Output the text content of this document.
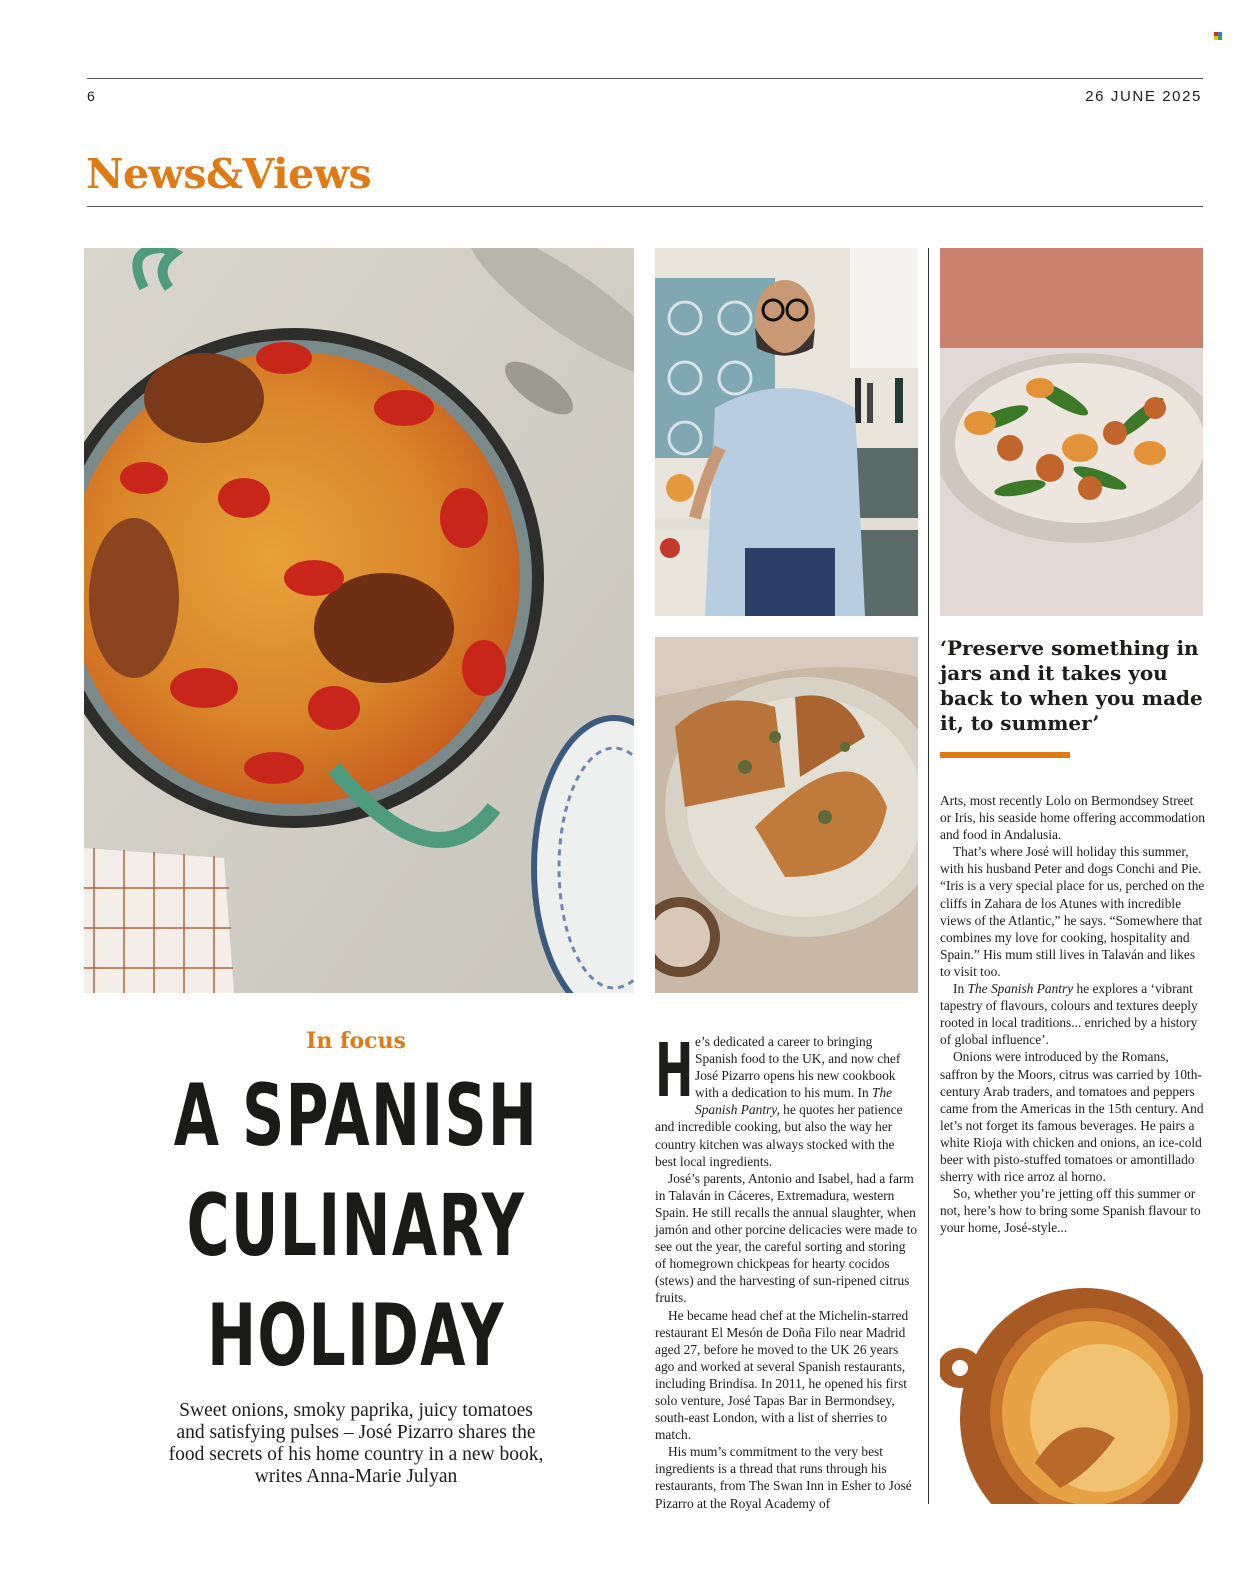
6	26 JUNE 2025
News&Views
In focus
A SPANISH
CULINARY
HOLIDAY
Sweet onions, smoky paprika, juicy tomatoes
and satisfying pulses – José Pizarro shares the
food secrets of his home country in a new book,
writes Anna-Marie Julyan

He’s dedicated a career to bringing Spanish food to the UK, and now chef José Pizarro opens his new cookbook with a dedication to his mum. In The Spanish Pantry, he quotes her patience and incredible cooking, but also the way her country kitchen was always stocked with the best local ingredients.

José’s parents, Antonio and Isabel, had a farm in Talaván in Cáceres, Extremadura, western Spain. He still recalls the annual slaughter, when jamón and other porcine delicacies were made to see out the year, the careful sorting and storing of homegrown chickpeas for hearty cocidos (stews) and the harvesting of sun-ripened citrus fruits.

He became head chef at the Michelin-starred restaurant El Mesón de Doña Filo near Madrid aged 27, before he moved to the UK 26 years ago and worked at several Spanish restaurants, including Brindisa. In 2011, he opened his first solo venture, José Tapas Bar in Bermondsey, south-east London, with a list of sherries to match.

His mum’s commitment to the very best ingredients is a thread that runs through his restaurants, from The Swan Inn in Esher to José Pizarro at the Royal Academy of

‘Preserve something in jars and it takes you back to when you made it, to summer’

Arts, most recently Lolo on Bermondsey Street or Iris, his seaside home offering accommodation and food in Andalusia.

That’s where José will holiday this summer, with his husband Peter and dogs Conchi and Pie. “Iris is a very special place for us, perched on the cliffs in Zahara de los Atunes with incredible views of the Atlantic,” he says. “Somewhere that combines my love for cooking, hospitality and Spain.” His mum still lives in Talaván and likes to visit too.

In The Spanish Pantry he explores a ‘vibrant tapestry of flavours, colours and textures deeply rooted in local traditions... enriched by a history of global influence’.

Onions were introduced by the Romans, saffron by the Moors, citrus was carried by 10th-century Arab traders, and tomatoes and peppers came from the Americas in the 15th century. And let’s not forget its famous beverages. He pairs a white Rioja with chicken and onions, an ice-cold beer with pisto-stuffed tomatoes or amontillado sherry with rice arroz al horno.

So, whether you’re jetting off this summer or not, here’s how to bring some Spanish flavour to your home, José-style...
